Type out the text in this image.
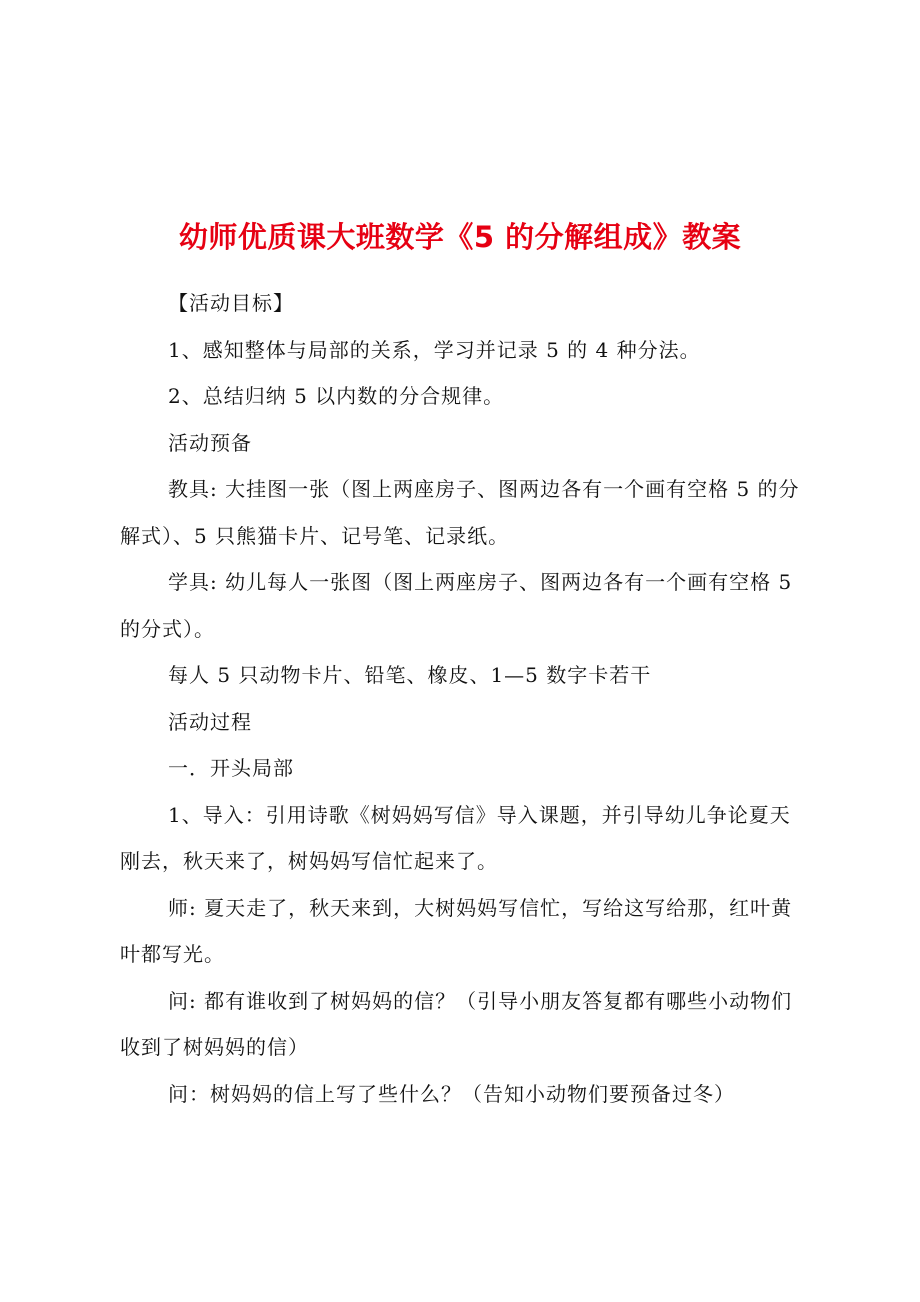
幼师优质课大班数学《5 的分解组成》教案

【活动目标】

1、感知整体与局部的关系，学习并记录 5 的 4 种分法。

2、总结归纳 5 以内数的分合规律。

活动预备

教具: 大挂图一张（图上两座房子、图两边各有一个画有空格 5 的分解式）、5 只熊猫卡片、记号笔、记录纸。

学具: 幼儿每人一张图（图上两座房子、图两边各有一个画有空格 5 的分式）。

每人 5 只动物卡片、铅笔、橡皮、1—5 数字卡若干

活动过程

一．开头局部

1、导入：引用诗歌《树妈妈写信》导入课题，并引导幼儿争论夏天刚去，秋天来了，树妈妈写信忙起来了。

师: 夏天走了，秋天来到，大树妈妈写信忙，写给这写给那，红叶黄叶都写光。

问: 都有谁收到了树妈妈的信？（引导小朋友答复都有哪些小动物们收到了树妈妈的信）

问：树妈妈的信上写了些什么？（告知小动物们要预备过冬）
